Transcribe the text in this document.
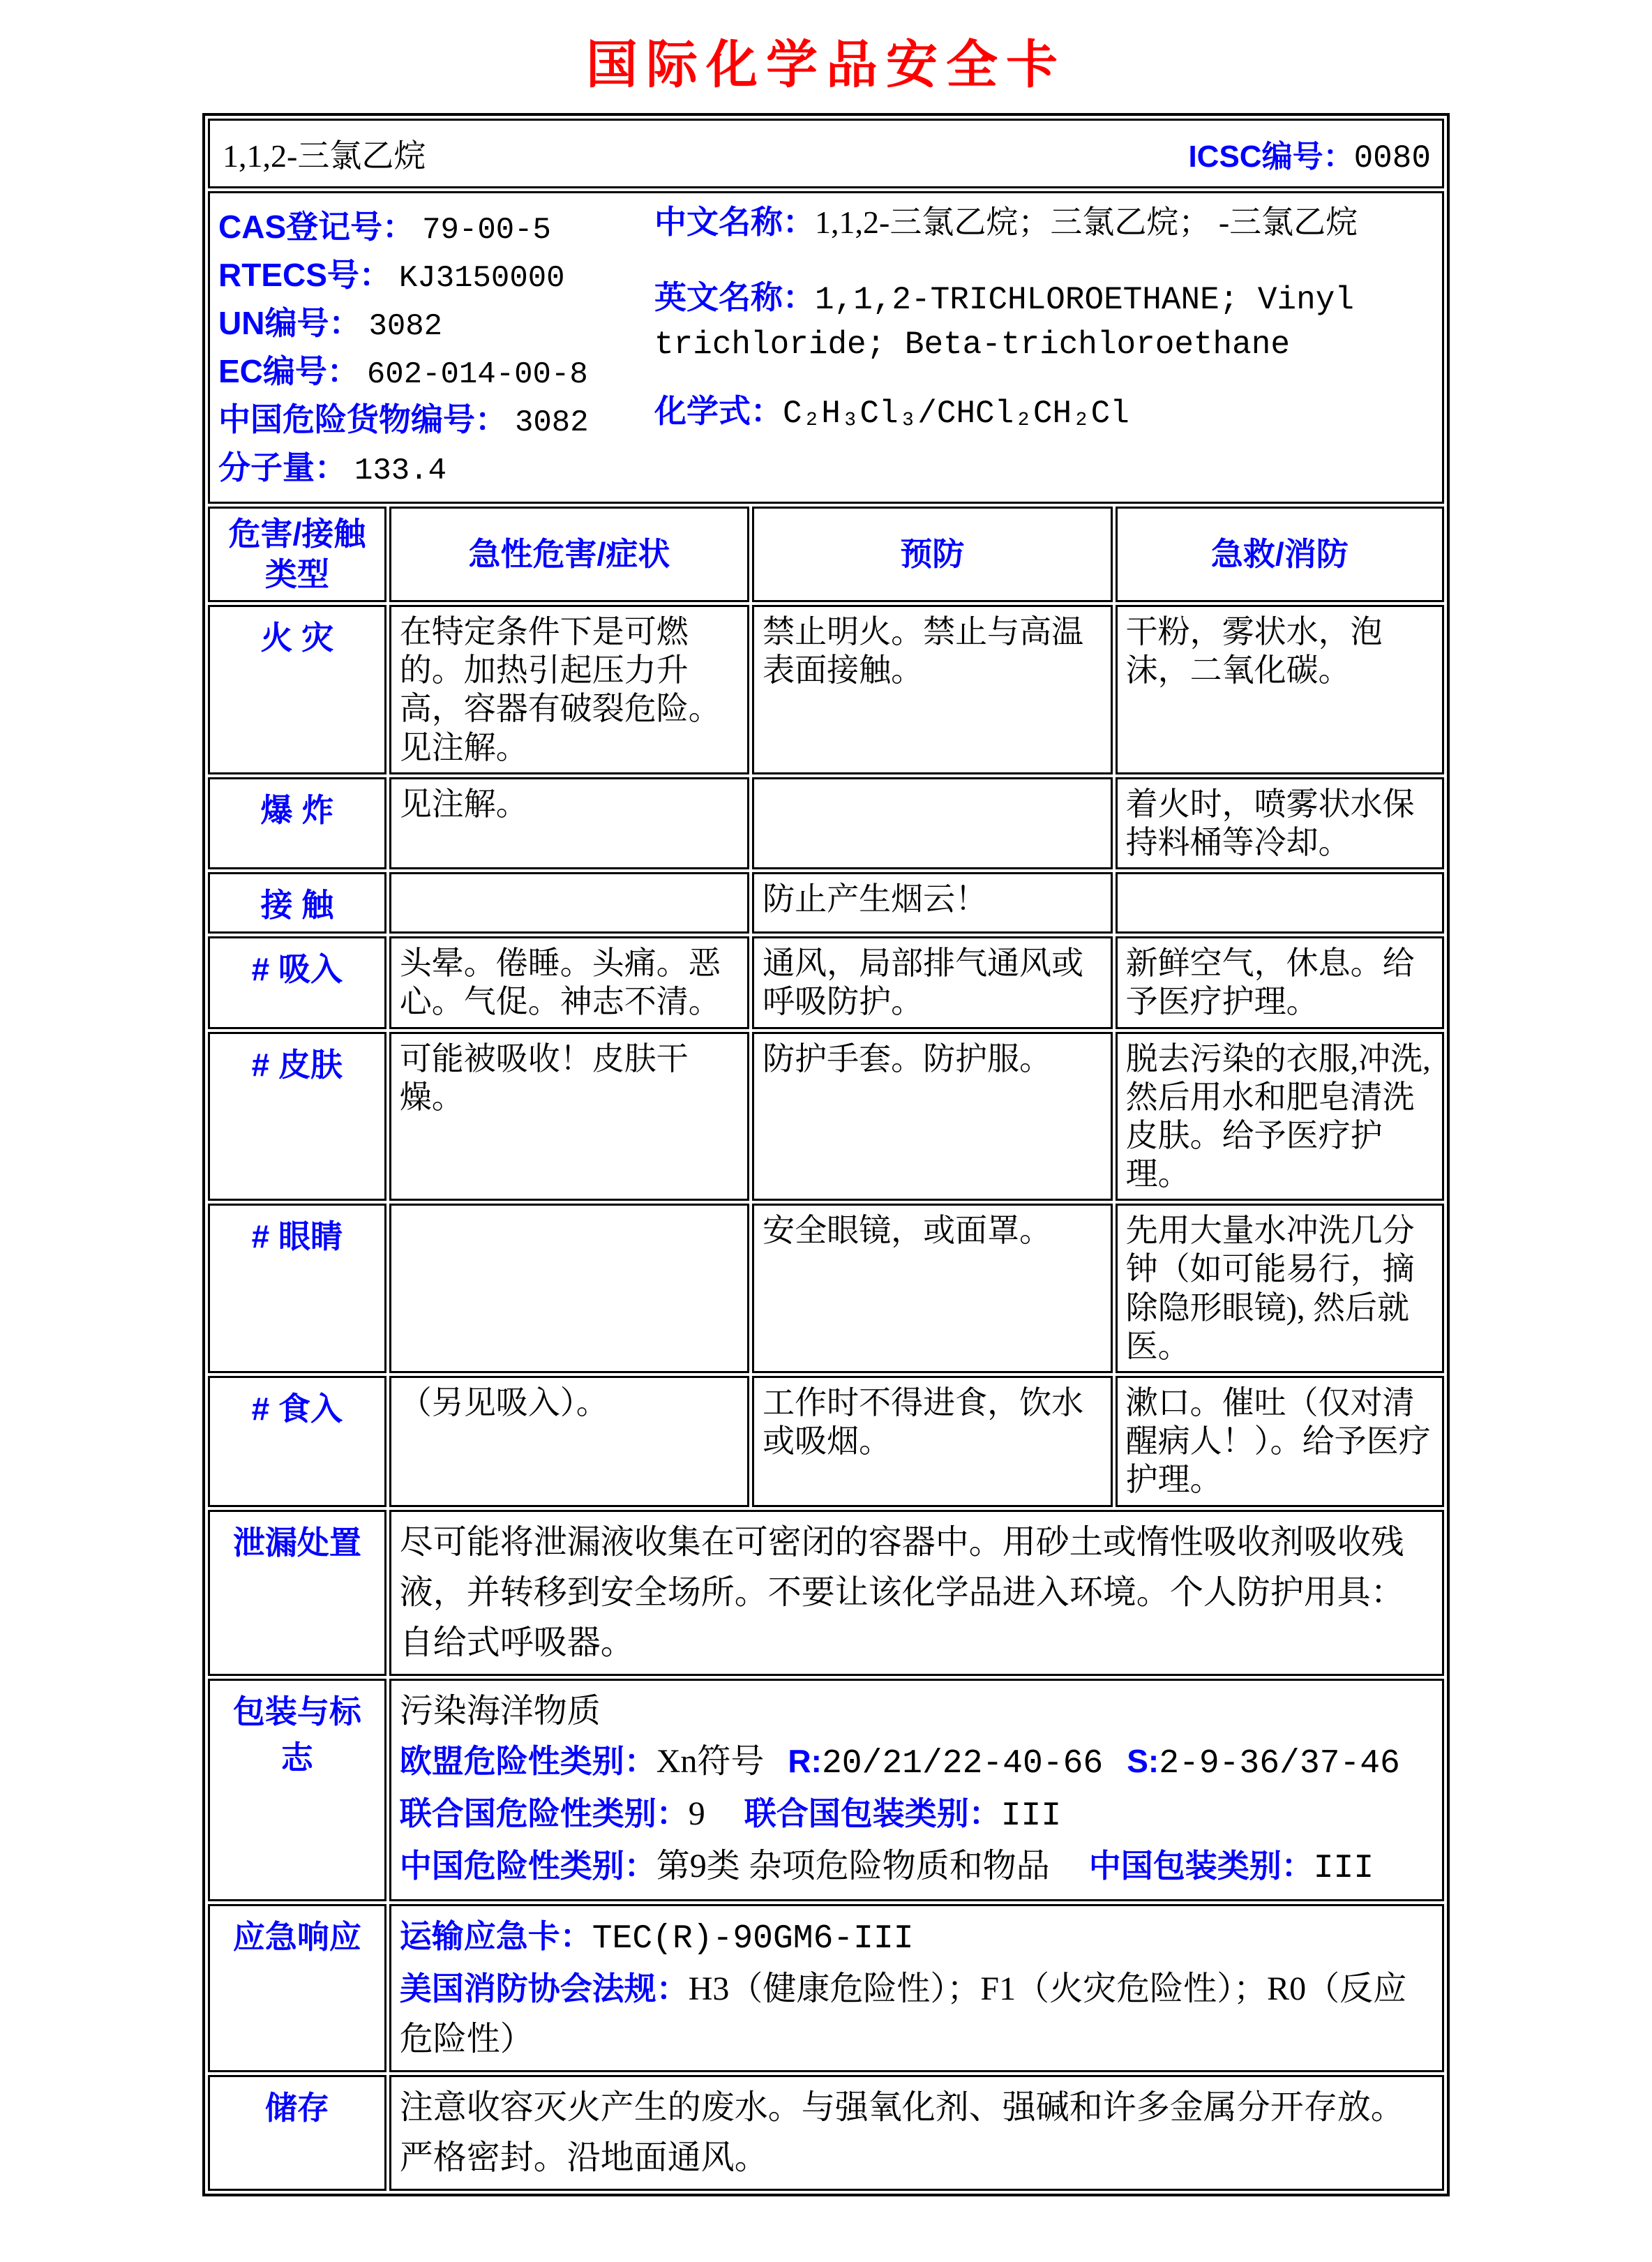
国际化学品安全卡
1,1,2-三氯乙烷 ICSC编号：0080			

CAS登记号： 79-00-5
RTECS号： KJ3150000
UN编号： 3082
EC编号： 602-014-00-8
中国危险货物编号： 3082
分子量： 133.4
中文名称：1,1,2-三氯乙烷；三氯乙烷； -三氯乙烷
英文名称：1,1,2-TRICHLOROETHANE; Vinyl trichloride; Beta-trichloroethane
化学式：C₂H₃Cl₃/CHCl₂CH₂Cl

危害/接触
类型	急性危害/症状	预防	急救/消防
火 灾	在特定条件下是可燃的。加热引起压力升高，容器有破裂危险。见注解。	禁止明火。禁止与高温表面接触。	干粉，雾状水，泡沫，二氧化碳。
爆 炸	见注解。		着火时，喷雾状水保持料桶等冷却。
接 触		防止产生烟云！	
# 吸入	头晕。倦睡。头痛。恶心。气促。神志不清。	通风，局部排气通风或呼吸防护。	新鲜空气，休息。给予医疗护理。
# 皮肤	可能被吸收！皮肤干燥。	防护手套。防护服。	脱去污染的衣服,冲洗,然后用水和肥皂清洗皮肤。给予医疗护理。
# 眼睛		安全眼镜，或面罩。	先用大量水冲洗几分钟（如可能易行，摘除隐形眼镜), 然后就医。
# 食入	（另见吸入）。	工作时不得进食，饮水或吸烟。	漱口。催吐（仅对清醒病人！）。给予医疗护理。
泄漏处置	尽可能将泄漏液收集在可密闭的容器中。用砂土或惰性吸收剂吸收残液，并转移到安全场所。不要让该化学品进入环境。个人防护用具：自给式呼吸器。		
包装与标志	污染海洋物质
欧盟危险性类别：Xn符号 R:20/21/22-40-66 S:2-9-36/37-46
联合国危险性类别：9 联合国包装类别：III
中国危险性类别：第9类 杂项危险物质和物品 中国包装类别：III		

应急响应	运输应急卡：TEC(R)-90GM6-III
美国消防协会法规：H3（健康危险性）；F1（火灾危险性）；R0（反应危险性）		

储存	注意收容灭火产生的废水。与强氧化剂、强碱和许多金属分开存放。严格密封。沿地面通风。		
